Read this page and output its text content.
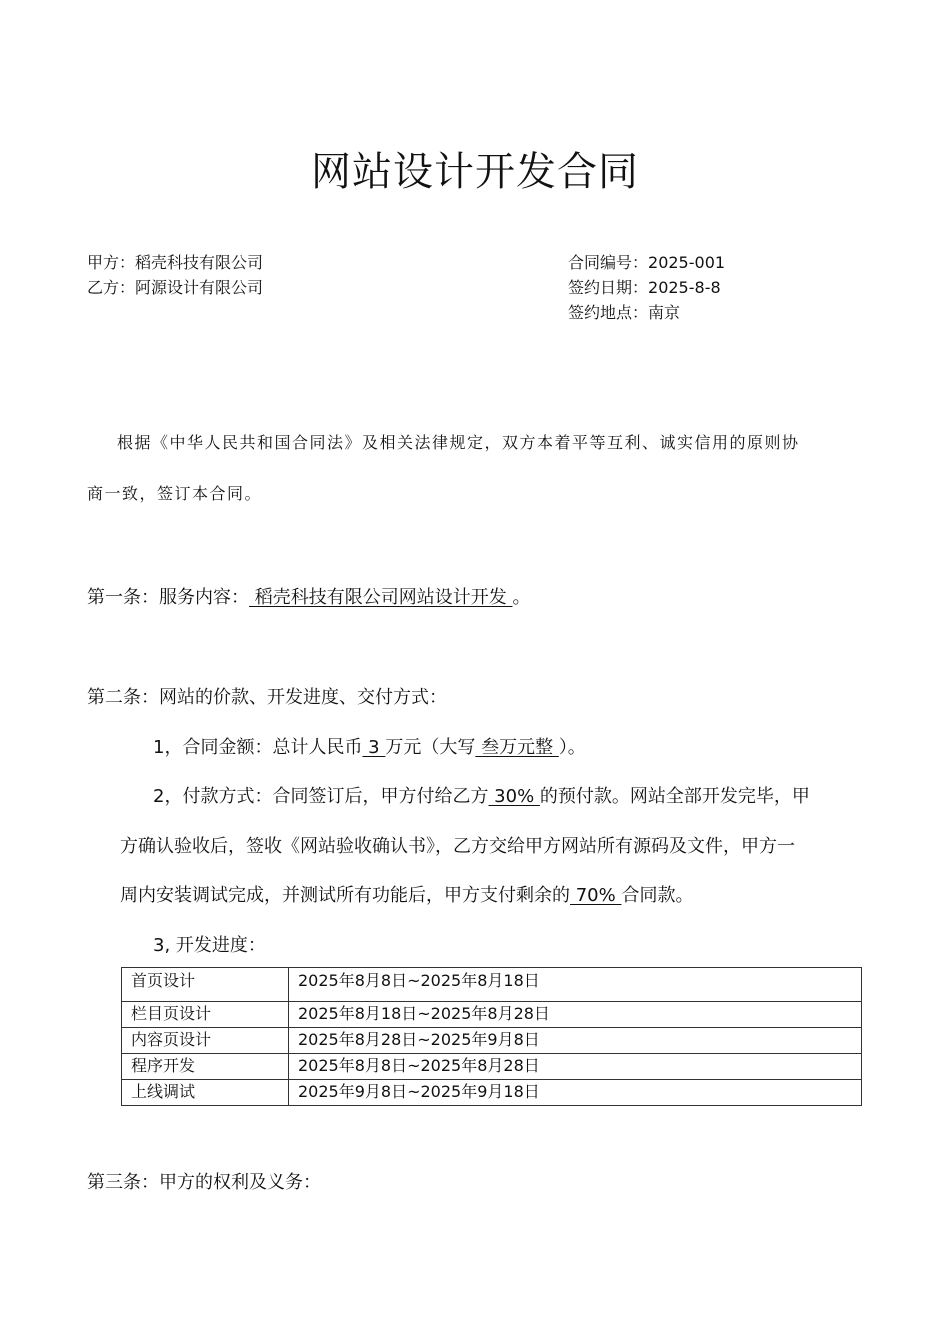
网站设计开发合同
甲方：稻壳科技有限公司
乙方：阿源设计有限公司
合同编号：2025-001
签约日期：2025-8-8
签约地点：南京
根据《中华人民共和国合同法》及相关法律规定，双方本着平等互利、诚实信用的原则协
商一致，签订本合同。
第一条：服务内容： 稻壳科技有限公司网站设计开发 。
第二条：网站的价款、开发进度、交付方式：
1，合同金额：总计人民币 3 万元（大写 叁万元整 ）。
2，付款方式：合同签订后，甲方付给乙方 30% 的预付款。网站全部开发完毕，甲
方确认验收后，签收《网站验收确认书》，乙方交给甲方网站所有源码及文件，甲方一
周内安装调试完成，并测试所有功能后，甲方支付剩余的 70% 合同款。
3, 开发进度：
首页设计	2025年8月8日~2025年8月18日
栏目页设计	2025年8月18日~2025年8月28日
内容页设计	2025年8月28日~2025年9月8日
程序开发	2025年8月8日~2025年8月28日
上线调试	2025年9月8日~2025年9月18日
第三条：甲方的权利及义务：
